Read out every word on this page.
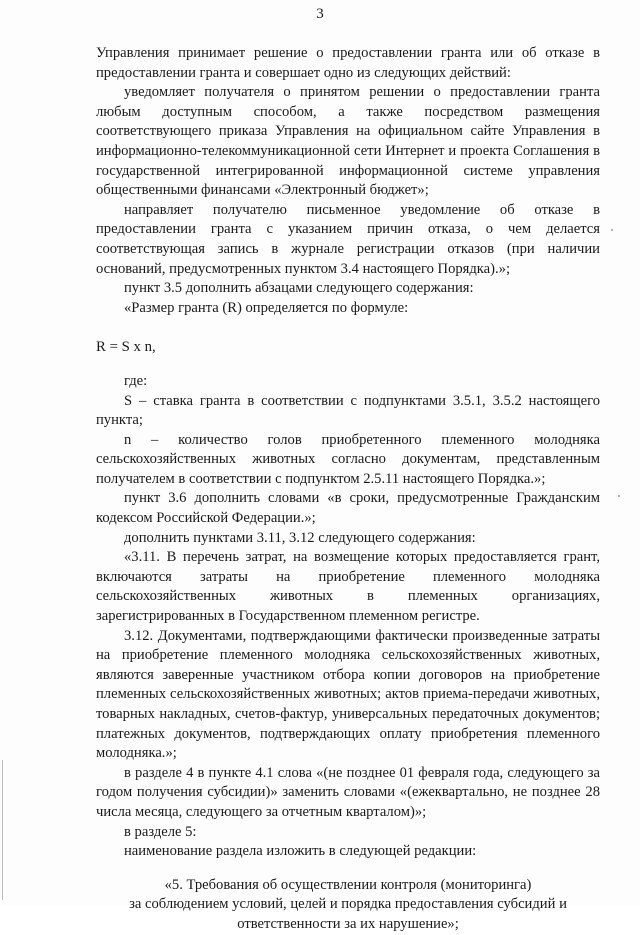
3

Управления принимает решение о предоставлении гранта или об отказе в предоставлении гранта и совершает одно из следующих действий:

уведомляет получателя о принятом решении о предоставлении гранта любым доступным способом, а также посредством размещения соответствующего приказа Управления на официальном сайте Управления в информационно-телекоммуникационной сети Интернет и проекта Соглашения в государственной интегрированной информационной системе управления общественными финансами «Электронный бюджет»;

направляет получателю письменное уведомление об отказе в предоставлении гранта с указанием причин отказа, о чем делается соответствующая запись в журнале регистрации отказов (при наличии оснований, предусмотренных пунктом 3.4 настоящего Порядка).»;

пункт 3.5 дополнить абзацами следующего содержания:

«Размер гранта (R) определяется по формуле:

R = S x n,

где:

S – ставка гранта в соответствии с подпунктами 3.5.1, 3.5.2 настоящего пункта;

n – количество голов приобретенного племенного молодняка сельскохозяйственных животных согласно документам, представленным получателем в соответствии с подпунктом 2.5.11 настоящего Порядка.»;

пункт 3.6 дополнить словами «в сроки, предусмотренные Гражданским кодексом Российской Федерации.»;

дополнить пунктами 3.11, 3.12 следующего содержания:

«3.11. В перечень затрат, на возмещение которых предоставляется грант, включаются затраты на приобретение племенного молодняка сельскохозяйственных животных в племенных организациях, зарегистрированных в Государственном племенном регистре.

3.12. Документами, подтверждающими фактически произведенные затраты на приобретение племенного молодняка сельскохозяйственных животных, являются заверенные участником отбора копии договоров на приобретение племенных сельскохозяйственных животных; актов приема-передачи животных, товарных накладных, счетов-фактур, универсальных передаточных документов; платежных документов, подтверждающих оплату приобретения племенного молодняка.»;

в разделе 4 в пункте 4.1 слова «(не позднее 01 февраля года, следующего за годом получения субсидии)» заменить словами «(ежеквартально, не позднее 28 числа месяца, следующего за отчетным кварталом)»;

в разделе 5:

наименование раздела изложить в следующей редакции:

«5. Требования об осуществлении контроля (мониторинга)
за соблюдением условий, целей и порядка предоставления субсидий и
ответственности за их нарушение»;
